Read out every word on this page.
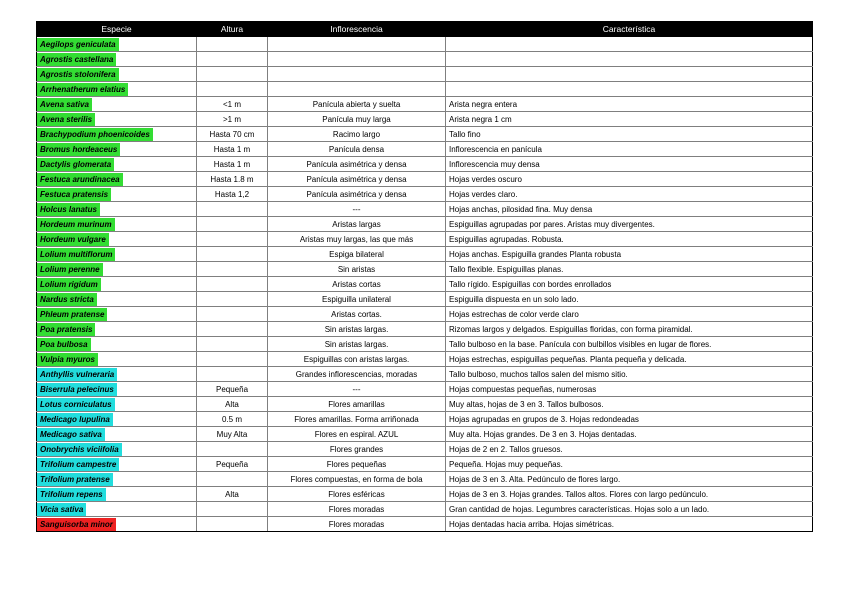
Especie	Altura	Inflorescencia	Característica
Aegilops geniculata			
Agrostis castellana			
Agrostis stolonifera			
Arrhenatherum elatius			
Avena sativa	<1 m	Panícula abierta y suelta	Arista negra entera
Avena sterilis	>1 m	Panícula muy larga	Arista negra 1 cm
Brachypodium phoenicoides	Hasta 70 cm	Racimo largo	Tallo fino
Bromus hordeaceus	Hasta 1 m	Panícula densa	Inflorescencia en panícula
Dactylis glomerata	Hasta 1 m	Panícula asimétrica y densa	Inflorescencia muy densa
Festuca arundinacea	Hasta 1.8 m	Panícula asimétrica y densa	Hojas verdes oscuro
Festuca pratensis	Hasta 1,2	Panícula asimétrica y densa	Hojas verdes claro.
Holcus lanatus		---	Hojas anchas, pilosidad fina. Muy densa
Hordeum murinum		Aristas largas	Espiguillas agrupadas por pares. Aristas muy divergentes.
Hordeum vulgare		Aristas muy largas, las que más	Espiguillas agrupadas. Robusta.
Lolium multiflorum		Espiga bilateral	Hojas anchas. Espiguilla grandes Planta robusta
Lolium perenne		Sin aristas	Tallo flexible. Espiguillas planas.
Lolium rigidum		Aristas cortas	Tallo rígido. Espiguillas con bordes enrollados
Nardus stricta		Espiguilla unilateral	Espiguilla dispuesta en un solo lado.
Phleum pratense		Aristas cortas.	Hojas estrechas de color verde claro
Poa pratensis		Sin aristas largas.	Rizomas largos y delgados. Espiguillas floridas, con forma piramidal.
Poa bulbosa		Sin aristas largas.	Tallo bulboso en la base. Panícula con bulbillos visibles en lugar de flores.
Vulpia myuros		Espiguillas con aristas largas.	Hojas estrechas, espiguillas pequeñas. Planta pequeña y delicada.
Anthyllis vulneraria		Grandes inflorescencias, moradas	Tallo bulboso, muchos tallos salen del mismo sitio.
Biserrula pelecinus	Pequeña	---	Hojas compuestas pequeñas, numerosas
Lotus corniculatus	Alta	Flores amarillas	Muy altas, hojas de 3 en 3. Tallos bulbosos.
Medicago lupulina	0.5 m	Flores amarillas. Forma arriñonada	Hojas agrupadas en grupos de 3. Hojas redondeadas
Medicago sativa	Muy Alta	Flores en espiral. AZUL	Muy alta. Hojas grandes. De 3 en 3. Hojas dentadas.
Onobrychis viciifolia		Flores grandes	Hojas de 2 en 2. Tallos gruesos.
Trifolium campestre	Pequeña	Flores pequeñas	Pequeña. Hojas muy pequeñas.
Trifolium pratense		Flores compuestas, en forma de bola	Hojas de 3 en 3. Alta. Pedúnculo de flores largo.
Trifolium repens	Alta	Flores esféricas	Hojas de 3 en 3. Hojas grandes. Tallos altos. Flores con largo pedúnculo.
Vicia sativa		Flores moradas	Gran cantidad de hojas. Legumbres características. Hojas solo a un lado.
Sanguisorba minor		Flores moradas	Hojas dentadas hacia arriba. Hojas simétricas.
